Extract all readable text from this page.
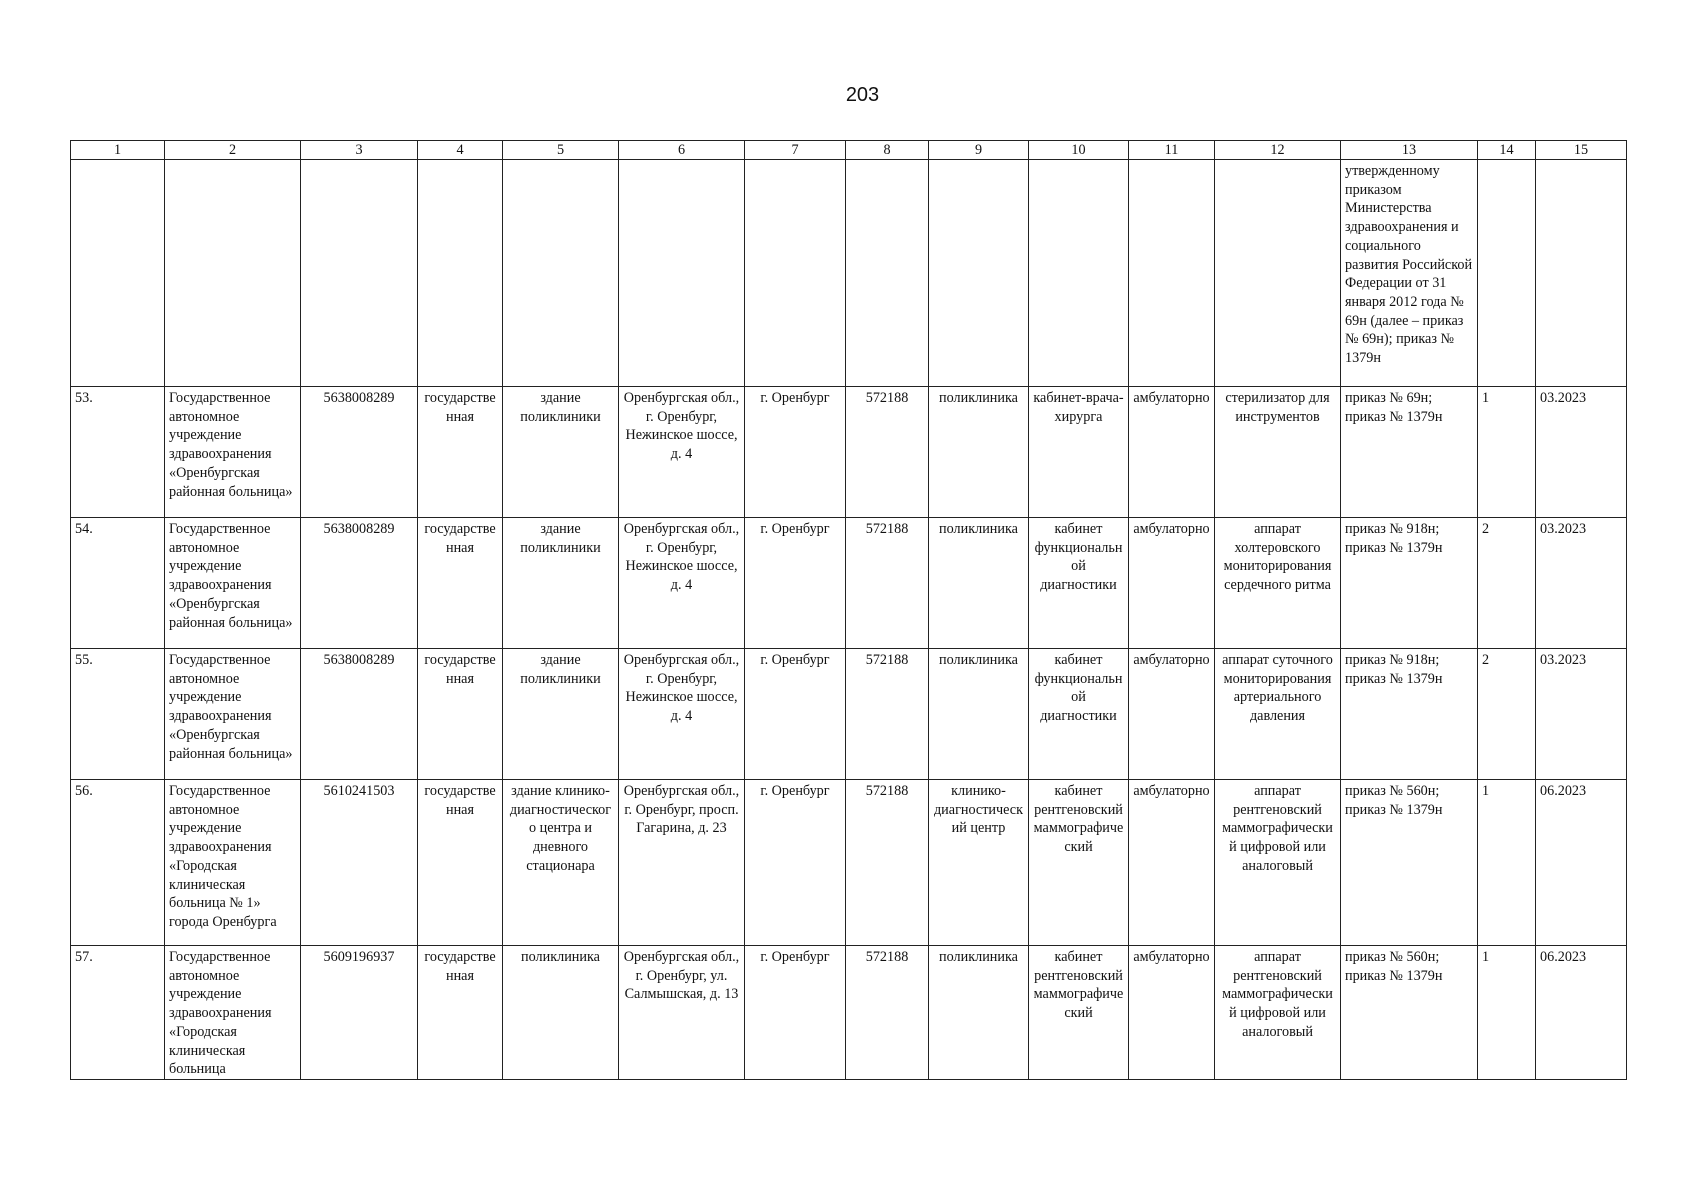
203
1	2	3	4	5	6	7	8	9	10	11	12	13	14	15
												утвержденному приказом Министерства здравоохранения и социального развития Российской Федерации от 31 января 2012 года № 69н (далее – приказ № 69н); приказ № 1379н		
53.	Государственное автономное учреждение здравоохранения «Оренбургская районная больница»	5638008289	государственная	здание поликлиники	Оренбургская обл., г. Оренбург, Нежинское шоссе, д. 4	г. Оренбург	572188	поликлиника	кабинет-врача-хирурга	амбулаторно	стерилизатор для инструментов	приказ № 69н; приказ № 1379н	1	03.2023
54.	Государственное автономное учреждение здравоохранения «Оренбургская районная больница»	5638008289	государственная	здание поликлиники	Оренбургская обл., г. Оренбург, Нежинское шоссе, д. 4	г. Оренбург	572188	поликлиника	кабинет функциональной диагностики	амбулаторно	аппарат холтеровского мониторирования сердечного ритма	приказ № 918н; приказ № 1379н	2	03.2023
55.	Государственное автономное учреждение здравоохранения «Оренбургская районная больница»	5638008289	государственная	здание поликлиники	Оренбургская обл., г. Оренбург, Нежинское шоссе, д. 4	г. Оренбург	572188	поликлиника	кабинет функциональной диагностики	амбулаторно	аппарат суточного мониторирования артериального давления	приказ № 918н; приказ № 1379н	2	03.2023
56.	Государственное автономное учреждение здравоохранения «Городская клиническая больница № 1» города Оренбурга	5610241503	государственная	здание клинико-диагностического центра и дневного стационара	Оренбургская обл., г. Оренбург, просп. Гагарина, д. 23	г. Оренбург	572188	клинико-диагностический центр	кабинет рентгеновский маммографический	амбулаторно	аппарат рентгеновский маммографический цифровой или аналоговый	приказ № 560н; приказ № 1379н	1	06.2023
57.	Государственное автономное учреждение здравоохранения «Городская клиническая больница	5609196937	государственная	поликлиника	Оренбургская обл., г. Оренбург, ул. Салмышская, д. 13	г. Оренбург	572188	поликлиника	кабинет рентгеновский маммографический	амбулаторно	аппарат рентгеновский маммографический цифровой или аналоговый	приказ № 560н; приказ № 1379н	1	06.2023
